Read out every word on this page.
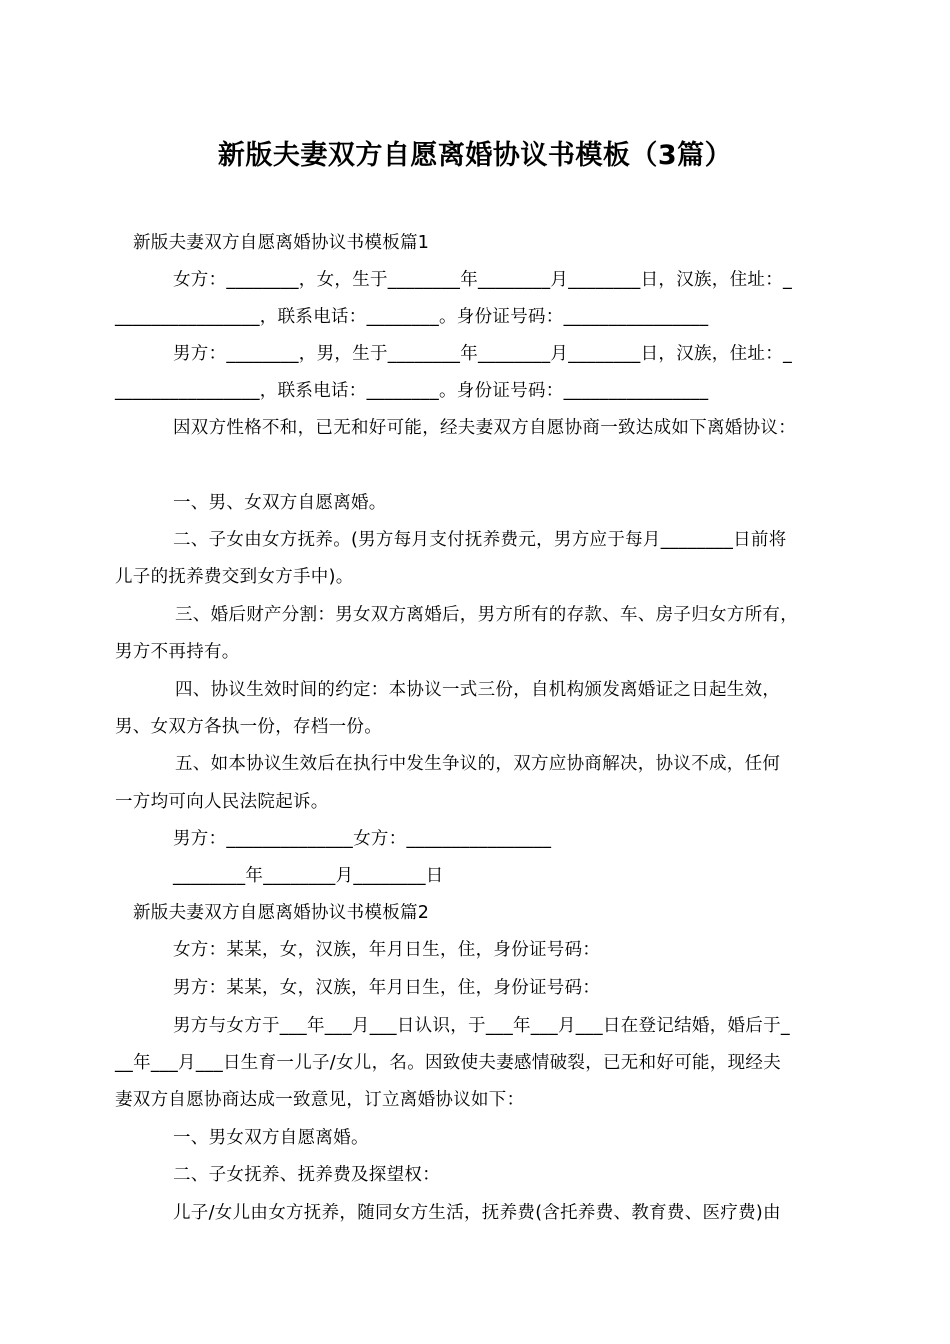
新版夫妻双方自愿离婚协议书模板（3篇）
新版夫妻双方自愿离婚协议书模板篇1
女方：________，女，生于________年________月________日，汉族，住址：_
________________，联系电话：________。身份证号码：________________
男方：________，男，生于________年________月________日，汉族，住址：_
________________，联系电话：________。身份证号码：________________
因双方性格不和，已无和好可能，经夫妻双方自愿协商一致达成如下离婚协议：
一、男、女双方自愿离婚。
二、子女由女方抚养。(男方每月支付抚养费元，男方应于每月________日前将
儿子的抚养费交到女方手中)。
三、婚后财产分割：男女双方离婚后，男方所有的存款、车、房子归女方所有，
男方不再持有。
四、协议生效时间的约定：本协议一式三份，自机构颁发离婚证之日起生效，
男、女双方各执一份，存档一份。
五、如本协议生效后在执行中发生争议的，双方应协商解决，协议不成，任何
一方均可向人民法院起诉。
男方：______________女方：________________
________年________月________日
新版夫妻双方自愿离婚协议书模板篇2
女方：某某，女，汉族，年月日生，住，身份证号码：
男方：某某，女，汉族，年月日生，住，身份证号码：
男方与女方于___年___月___日认识，于___年___月___日在登记结婚，婚后于_
__年___月___日生育一儿子/女儿，名。因致使夫妻感情破裂，已无和好可能，现经夫
妻双方自愿协商达成一致意见，订立离婚协议如下：
一、男女双方自愿离婚。
二、子女抚养、抚养费及探望权：
儿子/女儿由女方抚养，随同女方生活，抚养费(含托养费、教育费、医疗费)由
